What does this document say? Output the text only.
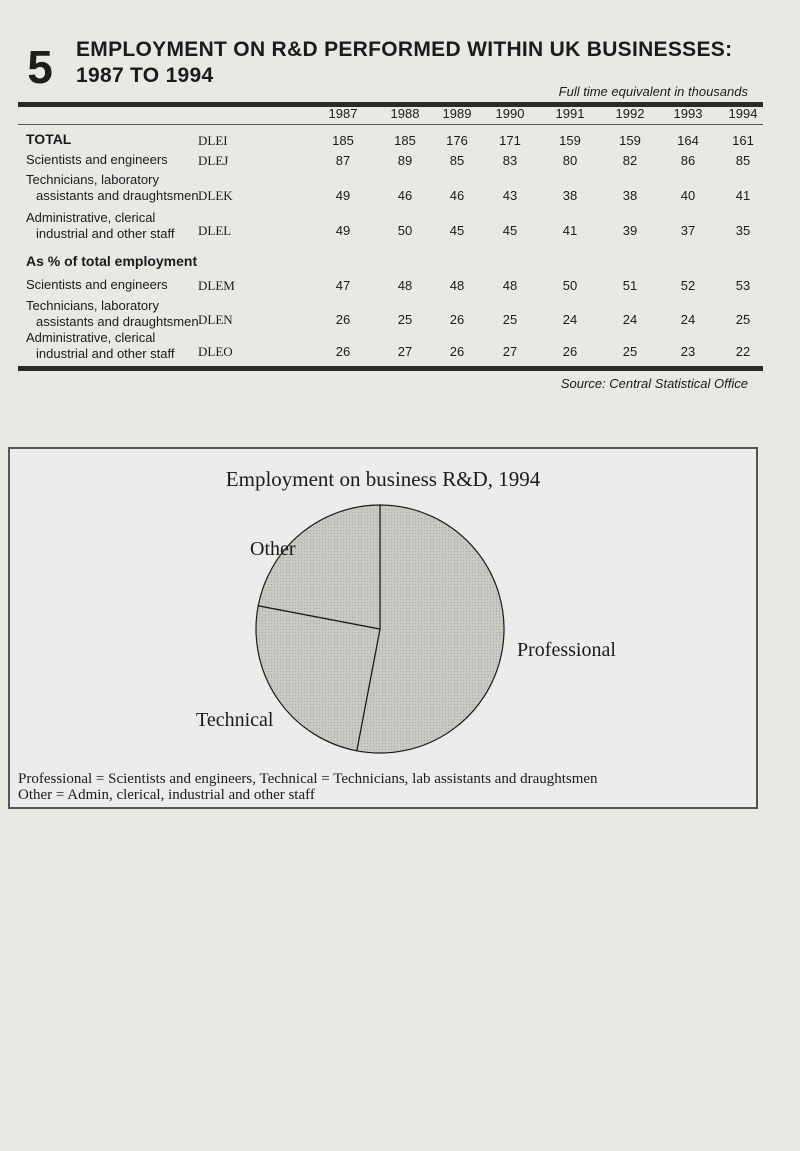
5 EMPLOYMENT ON R&D PERFORMED WITHIN UK BUSINESSES:
1987 TO 1994
Full time equivalent in thousands
1987	1988	1989	1990	1991	1992	1993	1994
TOTAL	DLEI	185	185	176	171	159	159	164	161
Scientists and engineers DLEJ	87	89	85	83	80	82	86	85
Technicians, laboratory
assistants and draughtsmen DLEK	49	46	46	43	38	38	40	41
Administrative, clerical
industrial and other staff DLEL	49	50	45	45	41	39	37	35
As % of total employment
Scientists and engineers DLEM	47	48	48	48	50	51	52	53
Technicians, laboratory
assistants and draughtsmen DLEN	26	25	26	25	24	24	24	25
Administrative, clerical
industrial and other staff DLEO	26	27	26	27	26	25	23	22
Source: Central Statistical Office
Employment on business R&D, 1994
Other
Professional
Technical
Professional = Scientists and engineers, Technical = Technicians, lab assistants and draughtsmen
Other = Admin, clerical, industrial and other staff
